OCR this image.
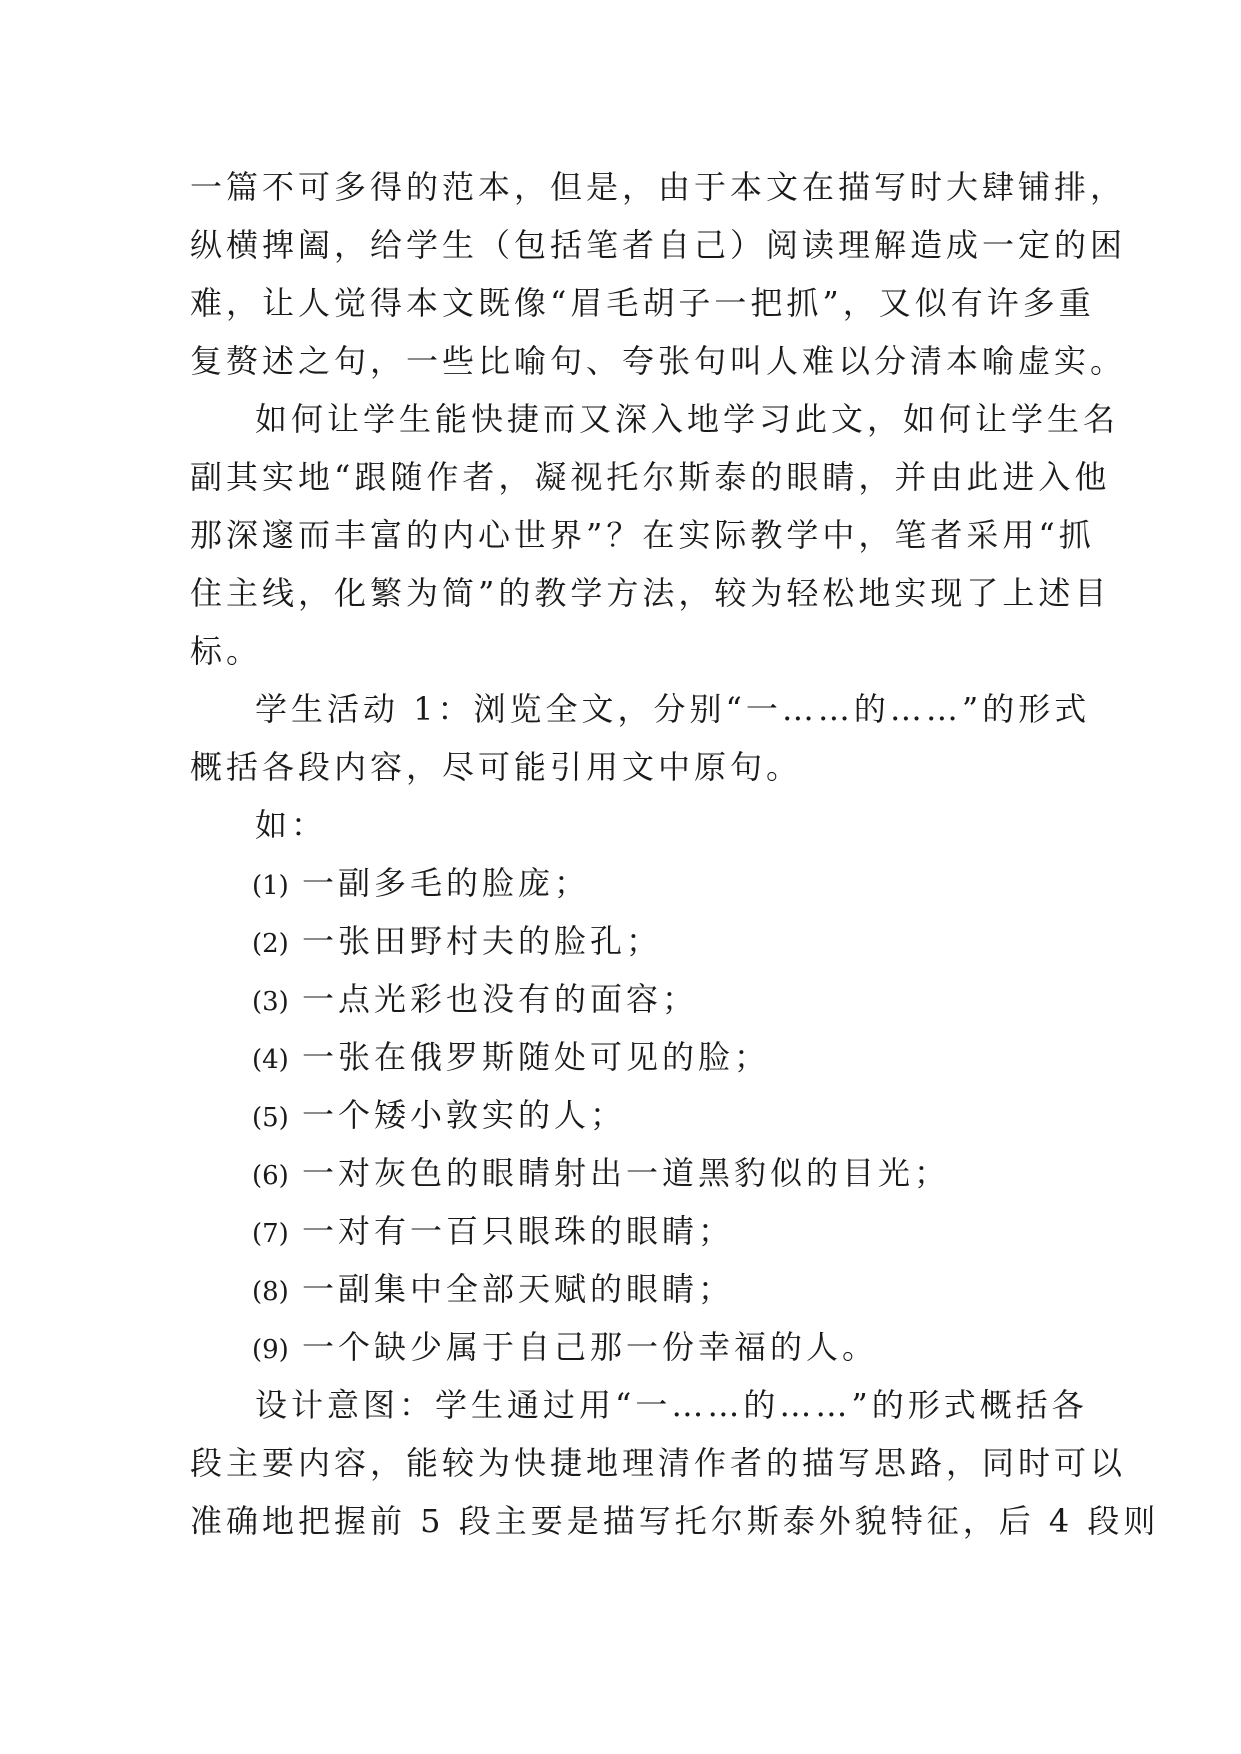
一篇不可多得的范本，但是，由于本文在描写时大肆铺排，
纵横捭阖，给学生（包括笔者自己）阅读理解造成一定的困
难，让人觉得本文既像“眉毛胡子一把抓”，又似有许多重
复赘述之句，一些比喻句、夸张句叫人难以分清本喻虚实。
如何让学生能快捷而又深入地学习此文，如何让学生名
副其实地“跟随作者，凝视托尔斯泰的眼睛，并由此进入他
那深邃而丰富的内心世界”？在实际教学中，笔者采用“抓
住主线，化繁为简”的教学方法，较为轻松地实现了上述目
标。
学生活动 1：浏览全文，分别“一……的……”的形式
概括各段内容，尽可能引用文中原句。
如：
(1) 一副多毛的脸庞；
(2) 一张田野村夫的脸孔；
(3) 一点光彩也没有的面容；
(4) 一张在俄罗斯随处可见的脸；
(5) 一个矮小敦实的人；
(6) 一对灰色的眼睛射出一道黑豹似的目光；
(7) 一对有一百只眼珠的眼睛；
(8) 一副集中全部天赋的眼睛；
(9) 一个缺少属于自己那一份幸福的人。
设计意图：学生通过用“一……的……”的形式概括各
段主要内容，能较为快捷地理清作者的描写思路，同时可以
准确地把握前 5 段主要是描写托尔斯泰外貌特征，后 4 段则
